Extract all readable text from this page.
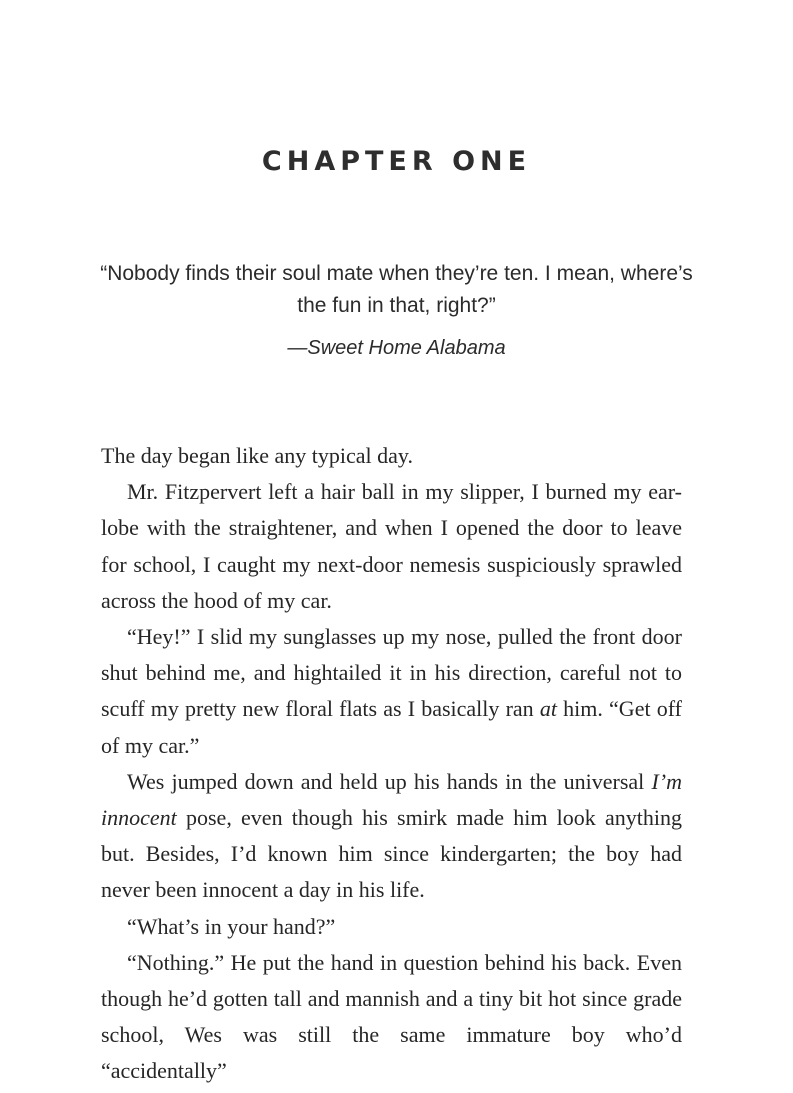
CHAPTER ONE
“Nobody finds their soul mate when they’re ten. I mean, where’s the fun in that, right?”
—Sweet Home Alabama

The day began like any typical day.

Mr. Fitzpervert left a hair ball in my slipper, I burned my ear-lobe with the straightener, and when I opened the door to leave for school, I caught my next-door nemesis suspiciously sprawled across the hood of my car.

“Hey!” I slid my sunglasses up my nose, pulled the front door shut behind me, and hightailed it in his direction, careful not to scuff my pretty new floral flats as I basically ran at him. “Get off of my car.”

Wes jumped down and held up his hands in the universal I’m innocent pose, even though his smirk made him look anything but. Besides, I’d known him since kindergarten; the boy had never been innocent a day in his life.

“What’s in your hand?”

“Nothing.” He put the hand in question behind his back. Even though he’d gotten tall and mannish and a tiny bit hot since grade school, Wes was still the same immature boy who’d “accidentally”
